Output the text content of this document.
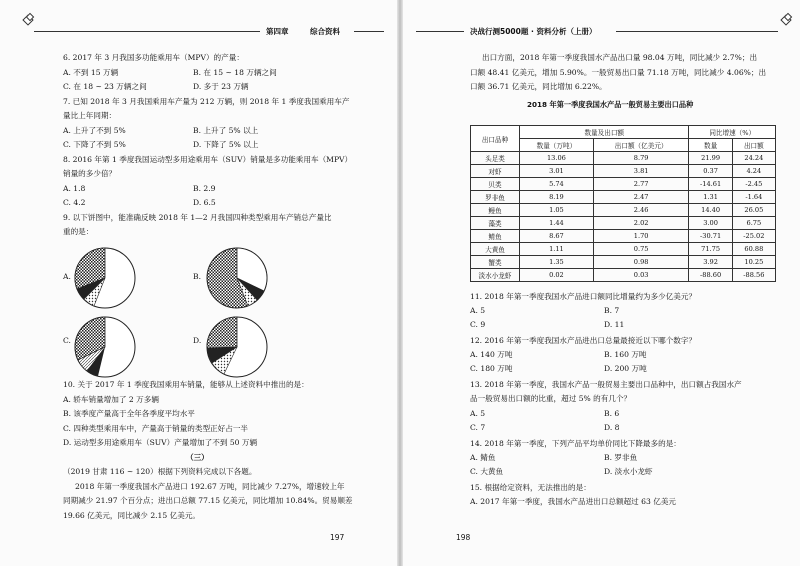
第四章	综合资料
6. 2017 年 3 月我国多功能乘用车（MPV）的产量：
A. 不到 15 万辆	B. 在 15 ~ 18 万辆之间
C. 在 18 ~ 23 万辆之间	D. 多于 23 万辆
7. 已知 2018 年 3 月我国乘用车产量为 212 万辆，则 2018 年 1 季度我国乘用车产
量比上年同期：
A. 上升了不到 5%	B. 上升了 5% 以上
C. 下降了不到 5%	D. 下降了 5% 以上
8. 2016 年第 1 季度我国运动型多用途乘用车（SUV）销量是多功能乘用车（MPV）
销量的多少倍？
A. 1.8	B. 2.9
C. 4.2	D. 6.5
9. 以下饼图中，能准确反映 2018 年 1—2 月我国四种类型乘用车产销总产量比
重的是：
A.	B.
C.	D.
10. 关于 2017 年 1 季度我国乘用车销量，能够从上述资料中推出的是：
A. 轿车销量增加了 2 万多辆
B. 该季度产量高于全年各季度平均水平
C. 四种类型乘用车中，产量高于销量的类型正好占一半
D. 运动型多用途乘用车（SUV）产量增加了不到 50 万辆
（三）
（2019 甘肃 116 ~ 120）根据下列资料完成以下各题。
2018 年第一季度我国水产品进口 192.67 万吨，同比减少 7.27%，增速较上年
同期减少 21.97 个百分点；进出口总额 77.15 亿美元，同比增加 10.84%。贸易顺差
19.66 亿美元，同比减少 2.15 亿美元。
197
决战行测5000题 · 资料分析（上册）
出口方面，2018 年第一季度我国水产品出口量 98.04 万吨，同比减少 2.7%；出
口额 48.41 亿美元，增加 5.90%。一般贸易出口量 71.18 万吨，同比减少 4.06%；出
口额 36.71 亿美元，同比增加 6.22%。
2018 年第一季度我国水产品一般贸易主要出口品种
出口品种	数量及出口额		同比增速（%）	
	数量（万吨）	出口额（亿美元）	数量	出口额
头足类	13.06	8.79	21.99	24.24
对虾	3.01	3.81	0.37	4.24
贝类	5.74	2.77	-14.61	-2.45
罗非鱼	8.19	2.47	1.31	-1.64
鳗鱼	1.05	2.46	14.40	26.05
藻类	1.44	2.02	3.00	6.75
鲭鱼	8.67	1.70	-30.71	-25.02
大黄鱼	1.11	0.75	71.75	60.88
蟹类	1.35	0.98	3.92	10.25
淡水小龙虾	0.02	0.03	-88.60	-88.56
11. 2018 年第一季度我国水产品进口额同比增量约为多少亿美元？
A. 5	B. 7
C. 9	D. 11
12. 2016 年第一季度我国水产品进出口总量最接近以下哪个数字？
A. 140 万吨	B. 160 万吨
C. 180 万吨	D. 200 万吨
13. 2018 年第一季度，我国水产品一般贸易主要出口品种中，出口额占我国水产
品一般贸易出口额的比重，超过 5% 的有几个？
A. 5	B. 6
C. 7	D. 8
14. 2018 年第一季度，下列产品平均单价同比下降最多的是：
A. 鲭鱼	B. 罗非鱼
C. 大黄鱼	D. 淡水小龙虾
15. 根据给定资料，无法推出的是：
A. 2017 年第一季度，我国水产品进出口总额超过 63 亿美元
198
